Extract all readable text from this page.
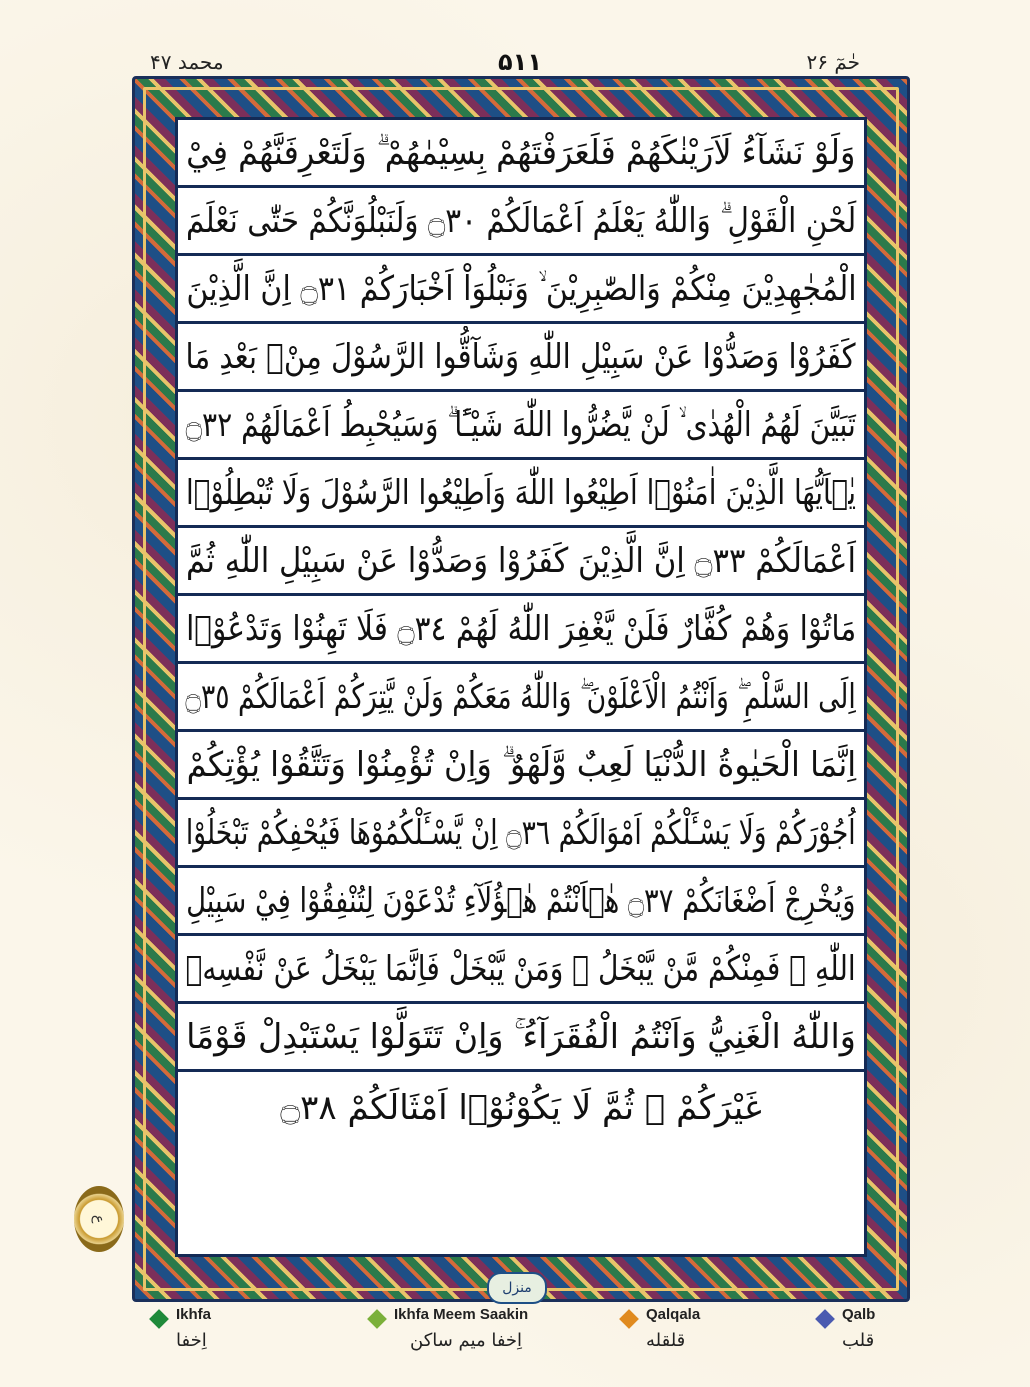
محمد ۴۷	۵۱۱	حٰمٓ ۲۶
وَلَوْ نَشَآءُ لَاَرَيْنٰكَهُمْ فَلَعَرَفْتَهُمْ بِسِيْمٰهُمْ ۗ وَلَتَعْرِفَنَّهُمْ فِيْ
لَحْنِ الْقَوْلِ ۗ وَاللّٰهُ يَعْلَمُ اَعْمَالَكُمْ ۝٣٠ وَلَنَبْلُوَنَّكُمْ حَتّٰى نَعْلَمَ
الْمُجٰهِدِيْنَ مِنْكُمْ وَالصّٰبِرِيْنَ ۙ وَنَبْلُوَاْ اَخْبَارَكُمْ ۝٣١ اِنَّ الَّذِيْنَ
كَفَرُوْا وَصَدُّوْا عَنْ سَبِيْلِ اللّٰهِ وَشَآقُّوا الرَّسُوْلَ مِنْۢ بَعْدِ مَا
تَبَيَّنَ لَهُمُ الْهُدٰى ۙ لَنْ يَّضُرُّوا اللّٰهَ شَيْـًٔا ۗ وَسَيُحْبِطُ اَعْمَالَهُمْ ۝٣٢
يٰۤاَيُّهَا الَّذِيْنَ اٰمَنُوْۤا اَطِيْعُوا اللّٰهَ وَاَطِيْعُوا الرَّسُوْلَ وَلَا تُبْطِلُوْۤا
اَعْمَالَكُمْ ۝٣٣ اِنَّ الَّذِيْنَ كَفَرُوْا وَصَدُّوْا عَنْ سَبِيْلِ اللّٰهِ ثُمَّ
مَاتُوْا وَهُمْ كُفَّارٌ فَلَنْ يَّغْفِرَ اللّٰهُ لَهُمْ ۝٣٤ فَلَا تَهِنُوْا وَتَدْعُوْۤا
اِلَى السَّلْمِ ۖ وَاَنْتُمُ الْاَعْلَوْنَ ۖ وَاللّٰهُ مَعَكُمْ وَلَنْ يَّتِرَكُمْ اَعْمَالَكُمْ ۝٣٥
اِنَّمَا الْحَيٰوةُ الدُّنْيَا لَعِبٌ وَّلَهْوٌ ۗ وَاِنْ تُؤْمِنُوْا وَتَتَّقُوْا يُؤْتِكُمْ
اُجُوْرَكُمْ وَلَا يَسْـَٔلْكُمْ اَمْوَالَكُمْ ۝٣٦ اِنْ يَّسْـَٔلْكُمُوْهَا فَيُحْفِكُمْ تَبْخَلُوْا
وَيُخْرِجْ اَضْغَانَكُمْ ۝٣٧ هٰۤاَنْتُمْ هٰۤؤُلَآءِ تُدْعَوْنَ لِتُنْفِقُوْا فِيْ سَبِيْلِ
اللّٰهِ ۚ فَمِنْكُمْ مَّنْ يَّبْخَلُ ۚ وَمَنْ يَّبْخَلْ فَاِنَّمَا يَبْخَلُ عَنْ نَّفْسِهٖ
وَاللّٰهُ الْغَنِيُّ وَاَنْتُمُ الْفُقَرَآءُ ۚ وَاِنْ تَتَوَلَّوْا يَسْتَبْدِلْ قَوْمًا
غَيْرَكُمْ ۙ ثُمَّ لَا يَكُوْنُوْۤا اَمْثَالَكُمْ ۝٣٨
ع
منزل
Ikhfa
اِخفا
Ikhfa Meem Saakin
اِخفا میم ساکن
Qalqala
قلقله
Qalb
قلب
